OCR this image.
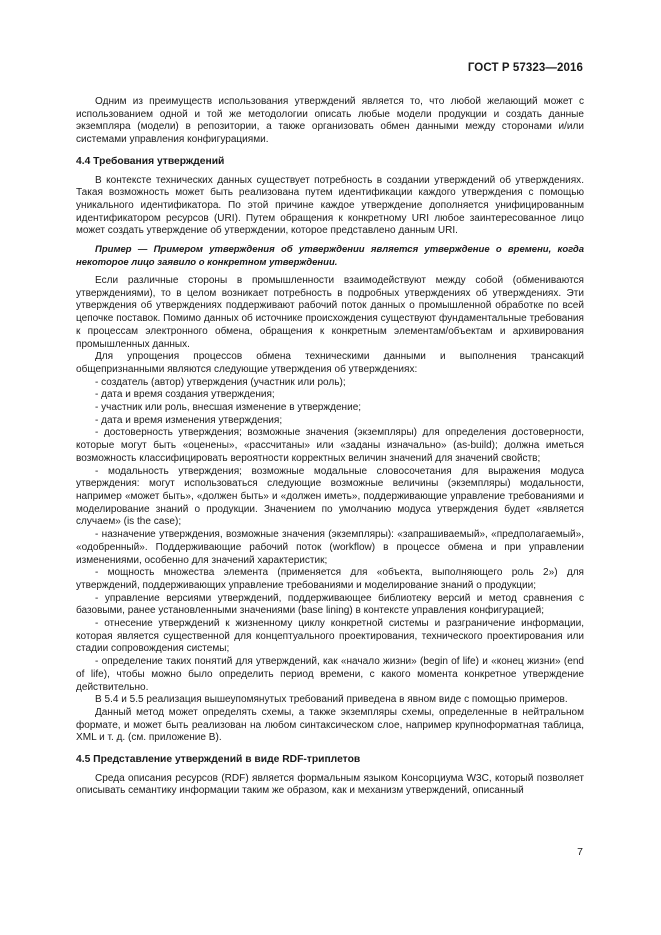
ГОСТ Р 57323—2016

Одним из преимуществ использования утверждений является то, что любой желающий может с использованием одной и той же методологии описать любые модели продукции и создать данные экземпляра (модели) в репозитории, а также организовать обмен данными между сторонами и/или системами управления конфигурациями.

4.4 Требования утверждений

В контексте технических данных существует потребность в создании утверждений об утверждениях. Такая возможность может быть реализована путем идентификации каждого утверждения с помощью уникального идентификатора. По этой причине каждое утверждение дополняется унифицированным идентификатором ресурсов (URI). Путем обращения к конкретному URI любое заинтересованное лицо может создать утверждение об утверждении, которое представлено данным URI.

Пример — Примером утверждения об утверждении является утверждение о времени, когда некоторое лицо заявило о конкретном утверждении.

Если различные стороны в промышленности взаимодействуют между собой (обмениваются утверждениями), то в целом возникает потребность в подробных утверждениях об утверждениях. Эти утверждения об утверждениях поддерживают рабочий поток данных о промышленной обработке по всей цепочке поставок. Помимо данных об источнике происхождения существуют фундаментальные требования к процессам электронного обмена, обращения к конкретным элементам/объектам и архивирования промышленных данных.

Для упрощения процессов обмена техническими данными и выполнения трансакций общепризнанными являются следующие утверждения об утверждениях:

- создатель (автор) утверждения (участник или роль);

- дата и время создания утверждения;

- участник или роль, внесшая изменение в утверждение;

- дата и время изменения утверждения;

- достоверность утверждения; возможные значения (экземпляры) для определения достоверности, которые могут быть «оценены», «рассчитаны» или «заданы изначально» (as-build); должна иметься возможность классифицировать вероятности корректных величин значений для значений свойств;

- модальность утверждения; возможные модальные словосочетания для выражения модуса утверждения: могут использоваться следующие возможные величины (экземпляры) модальности, например «может быть», «должен быть» и «должен иметь», поддерживающие управление требованиями и моделирование знаний о продукции. Значением по умолчанию модуса утверждения будет «является случаем» (is the case);

- назначение утверждения, возможные значения (экземпляры): «запрашиваемый», «предполагаемый», «одобренный». Поддерживающие рабочий поток (workflow) в процессе обмена и при управлении изменениями, особенно для значений характеристик;

- мощность множества элемента (применяется для «объекта, выполняющего роль 2») для утверждений, поддерживающих управление требованиями и моделирование знаний о продукции;

- управление версиями утверждений, поддерживающее библиотеку версий и метод сравнения с базовыми, ранее установленными значениями (base lining) в контексте управления конфигурацией;

- отнесение утверждений к жизненному циклу конкретной системы и разграничение информации, которая является существенной для концептуального проектирования, технического проектирования или стадии сопровождения системы;

- определение таких понятий для утверждений, как «начало жизни» (begin of life) и «конец жизни» (end of life), чтобы можно было определить период времени, с какого момента конкретное утверждение действительно.

В 5.4 и 5.5 реализация вышеупомянутых требований приведена в явном виде с помощью примеров.

Данный метод может определять схемы, а также экземпляры схемы, определенные в нейтральном формате, и может быть реализован на любом синтаксическом слое, например крупноформатная таблица, XML и т. д. (см. приложение В).

4.5 Представление утверждений в виде RDF-триплетов

Среда описания ресурсов (RDF) является формальным языком Консорциума W3C, который позволяет описывать семантику информации таким же образом, как и механизм утверждений, описанный

7
